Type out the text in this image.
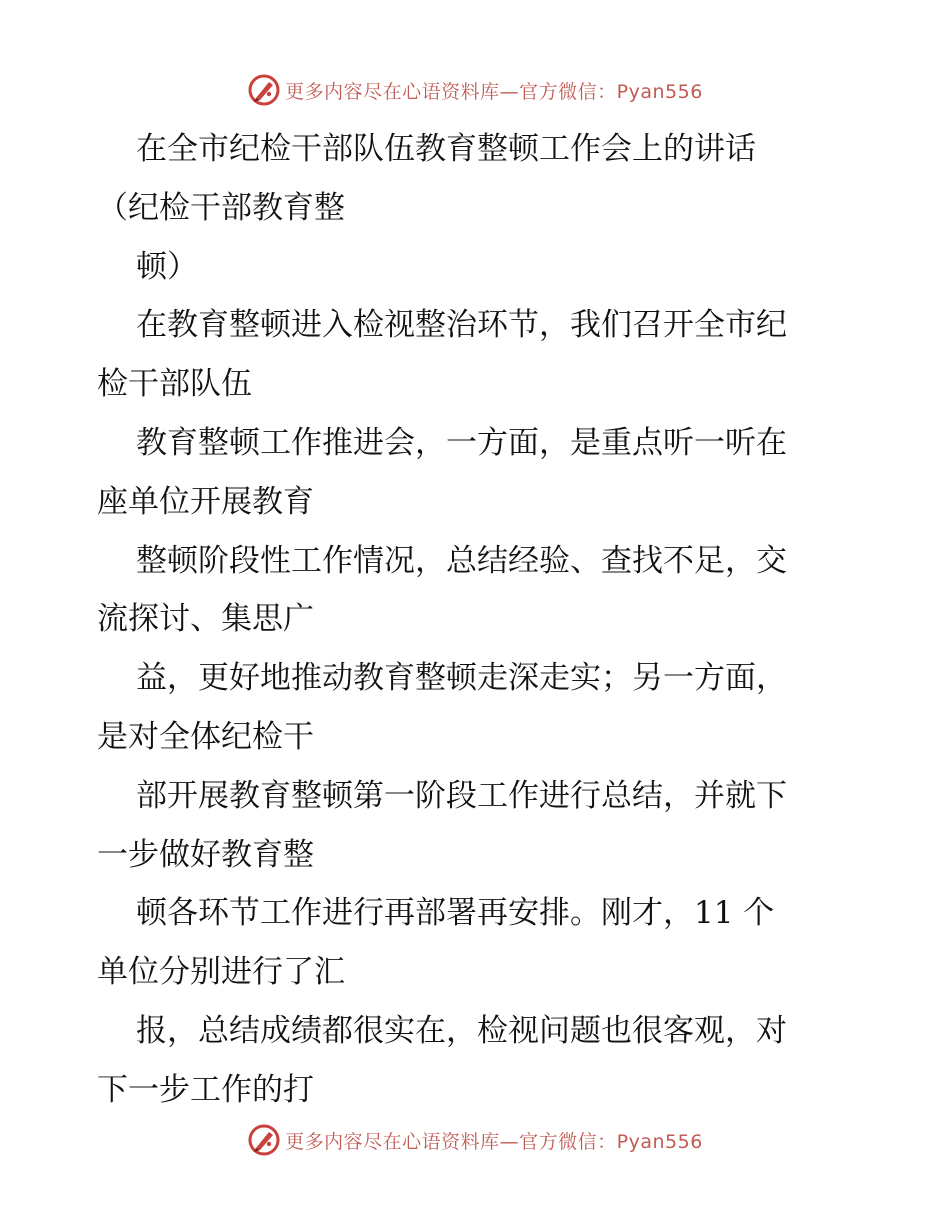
更多内容尽在心语资料库—官方微信：Pyan556
在全市纪检干部队伍教育整顿工作会上的讲话
（纪检干部教育整
顿）
在教育整顿进入检视整治环节，我们召开全市纪
检干部队伍
教育整顿工作推进会，一方面，是重点听一听在
座单位开展教育
整顿阶段性工作情况，总结经验、查找不足，交
流探讨、集思广
益，更好地推动教育整顿走深走实；另一方面，
是对全体纪检干
部开展教育整顿第一阶段工作进行总结，并就下
一步做好教育整
顿各环节工作进行再部署再安排。刚才，11 个
单位分别进行了汇
报，总结成绩都很实在，检视问题也很客观，对
下一步工作的打
更多内容尽在心语资料库—官方微信：Pyan556
